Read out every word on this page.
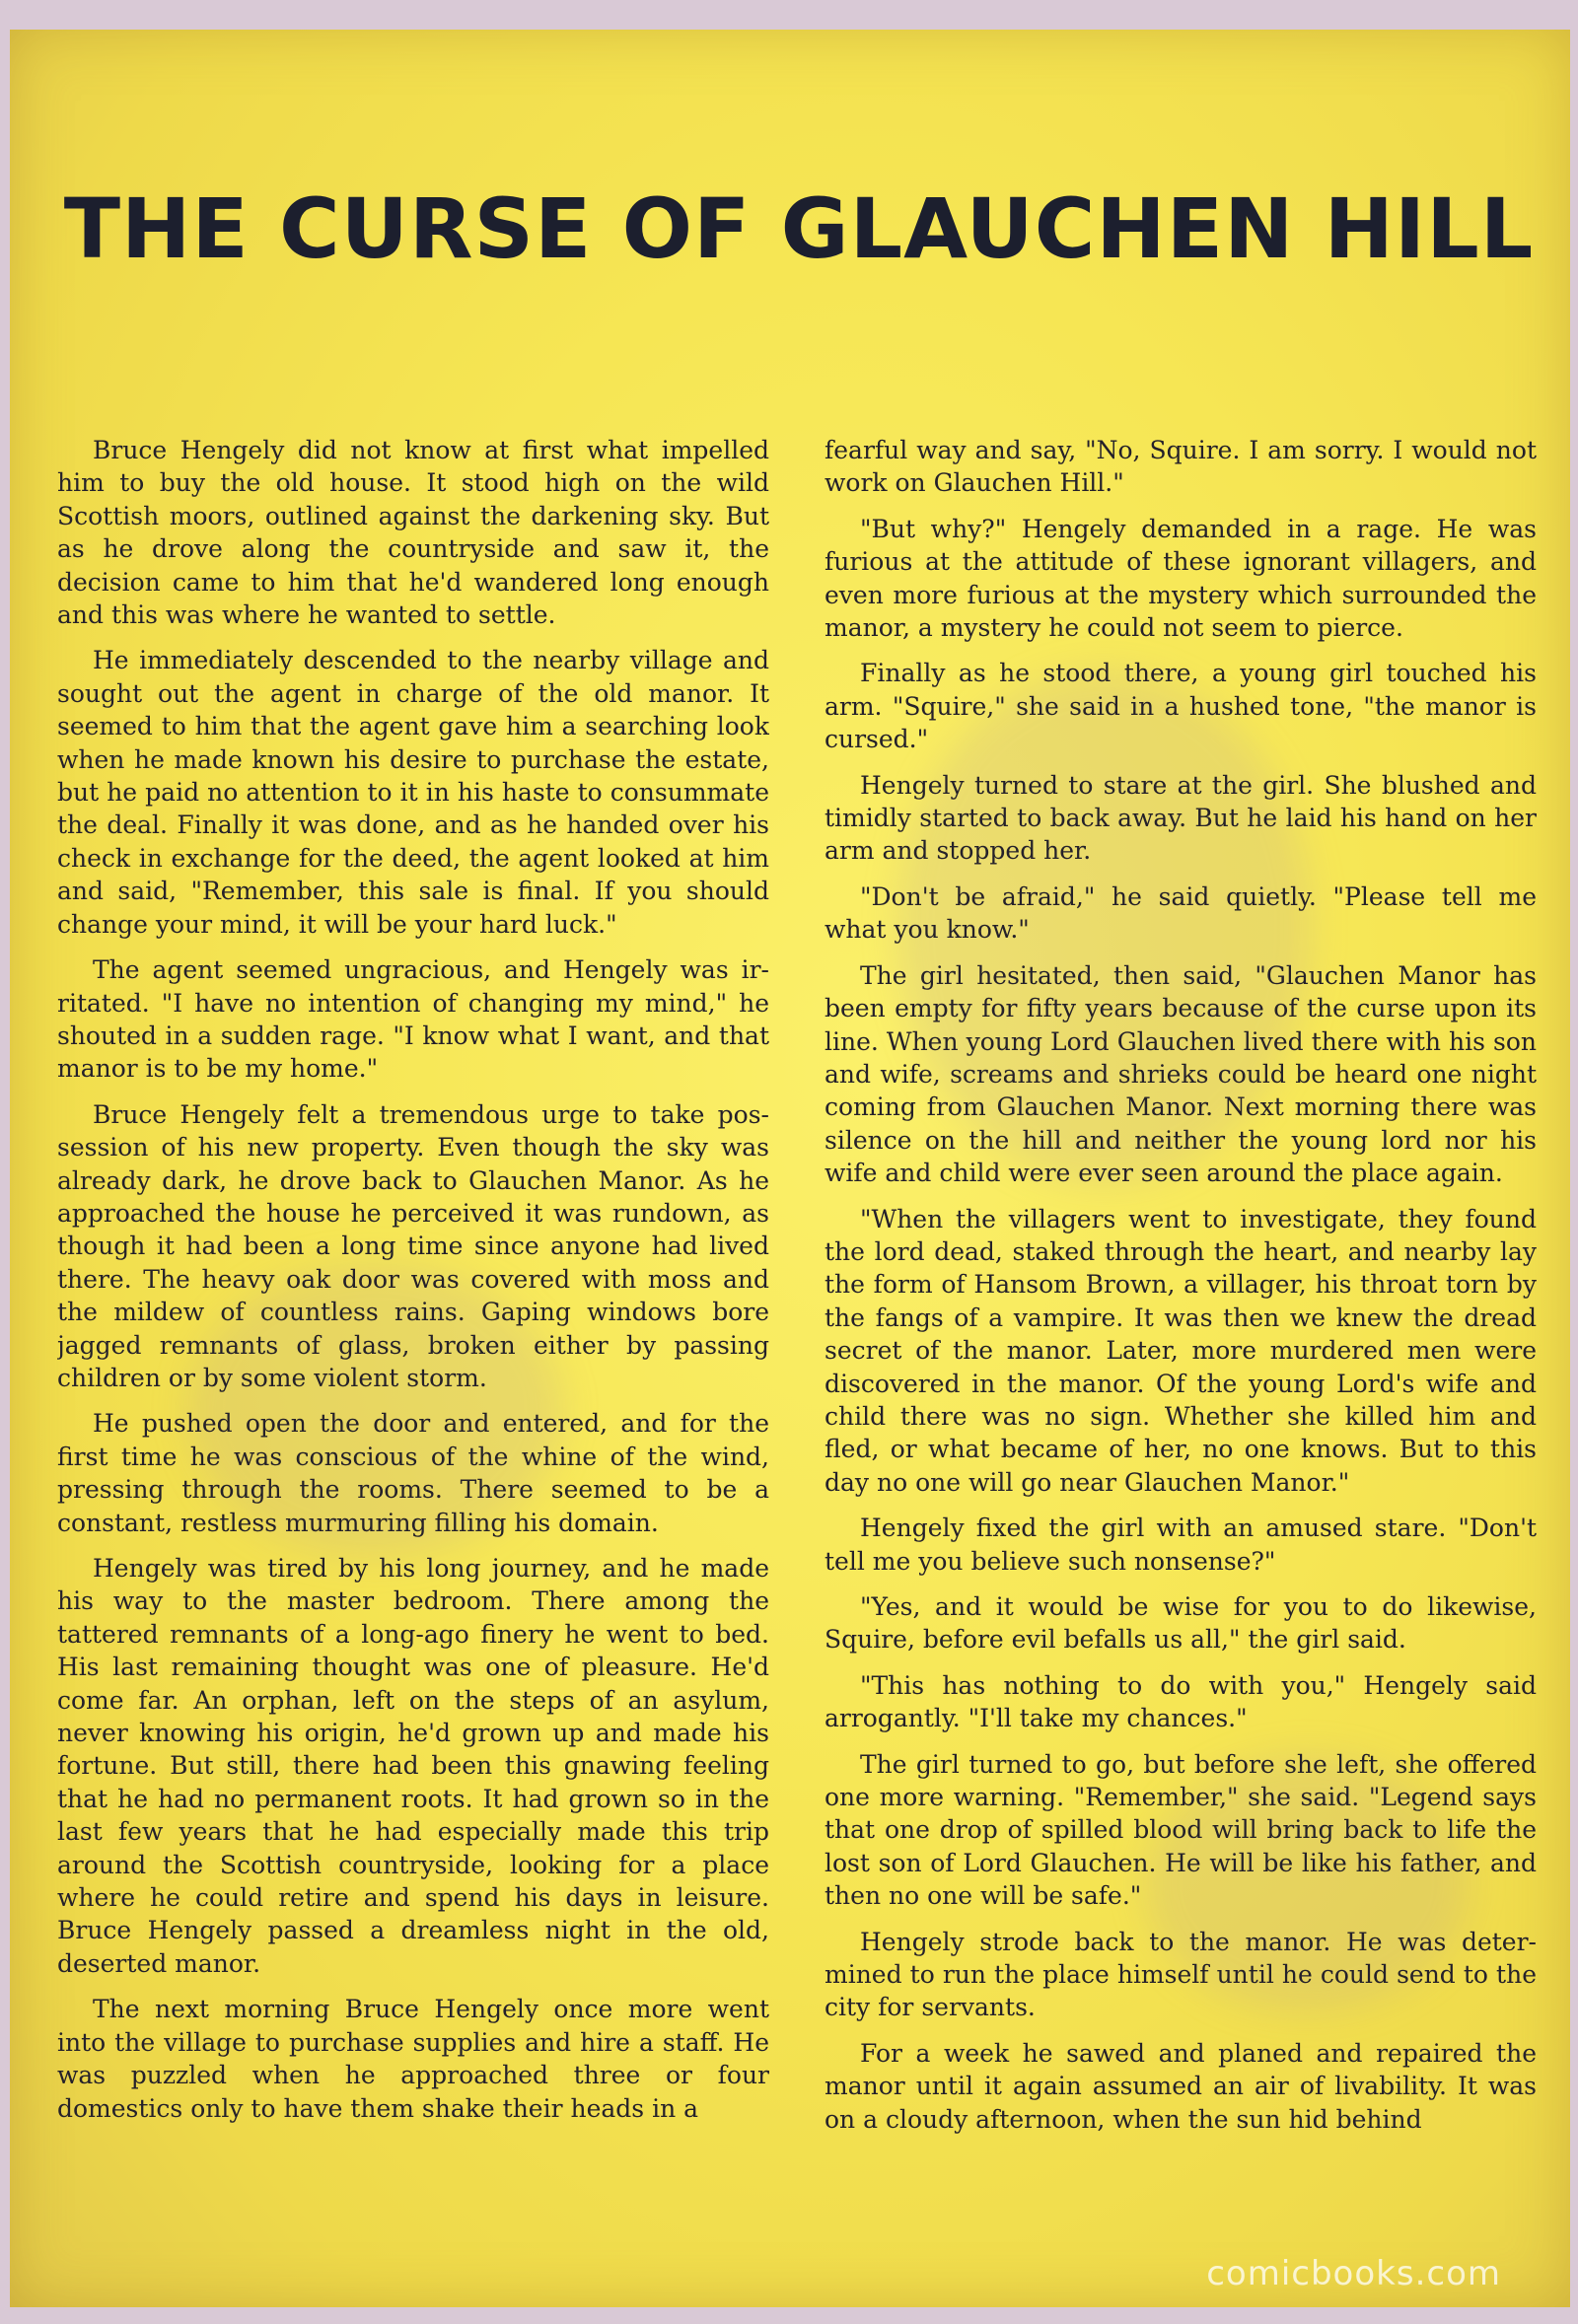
THE CURSE OF GLAUCHEN HILL

Bruce Hengely did not know at first what impelled him to buy the old house. It stood high on the wild Scottish moors, outlined against the darkening sky. But as he drove along the countryside and saw it, the decision came to him that he'd wandered long enough and this was where he wanted to settle.

He immediately descended to the nearby village and sought out the agent in charge of the old manor. It seemed to him that the agent gave him a searching look when he made known his desire to purchase the estate, but he paid no attention to it in his haste to consummate the deal. Finally it was done, and as he handed over his check in exchange for the deed, the agent looked at him and said, "Remember, this sale is final. If you should change your mind, it will be your hard luck."

The agent seemed ungracious, and Hengely was irritated. "I have no intention of changing my mind," he shouted in a sudden rage. "I know what I want, and that manor is to be my home."

Bruce Hengely felt a tremendous urge to take possession of his new property. Even though the sky was already dark, he drove back to Glauchen Manor. As he approached the house he perceived it was rundown, as though it had been a long time since anyone had lived there. The heavy oak door was covered with moss and the mildew of countless rains. Gaping windows bore jagged remnants of glass, broken either by passing children or by some violent storm.

He pushed open the door and entered, and for the first time he was conscious of the whine of the wind, pressing through the rooms. There seemed to be a constant, restless murmuring filling his domain.

Hengely was tired by his long journey, and he made his way to the master bedroom. There among the tattered remnants of a long-ago finery he went to bed. His last remaining thought was one of pleasure. He'd come far. An orphan, left on the steps of an asylum, never knowing his origin, he'd grown up and made his fortune. But still, there had been this gnawing feeling that he had no permanent roots. It had grown so in the last few years that he had especially made this trip around the Scottish countryside, looking for a place where he could retire and spend his days in leisure. Bruce Hengely passed a dreamless night in the old, deserted manor.

The next morning Bruce Hengely once more went into the village to purchase supplies and hire a staff. He was puzzled when he approached three or four domestics only to have them shake their heads in a

fearful way and say, "No, Squire. I am sorry. I would not work on Glauchen Hill."

"But why?" Hengely demanded in a rage. He was furious at the attitude of these ignorant villagers, and even more furious at the mystery which surrounded the manor, a mystery he could not seem to pierce.

Finally as he stood there, a young girl touched his arm. "Squire," she said in a hushed tone, "the manor is cursed."

Hengely turned to stare at the girl. She blushed and timidly started to back away. But he laid his hand on her arm and stopped her.

"Don't be afraid," he said quietly. "Please tell me what you know."

The girl hesitated, then said, "Glauchen Manor has been empty for fifty years because of the curse upon its line. When young Lord Glauchen lived there with his son and wife, screams and shrieks could be heard one night coming from Glauchen Manor. Next morning there was silence on the hill and neither the young lord nor his wife and child were ever seen around the place again.

"When the villagers went to investigate, they found the lord dead, staked through the heart, and nearby lay the form of Hansom Brown, a villager, his throat torn by the fangs of a vampire. It was then we knew the dread secret of the manor. Later, more murdered men were discovered in the manor. Of the young Lord's wife and child there was no sign. Whether she killed him and fled, or what became of her, no one knows. But to this day no one will go near Glauchen Manor."

Hengely fixed the girl with an amused stare. "Don't tell me you believe such nonsense?"

"Yes, and it would be wise for you to do likewise, Squire, before evil befalls us all," the girl said.

"This has nothing to do with you," Hengely said arrogantly. "I'll take my chances."

The girl turned to go, but before she left, she offered one more warning. "Remember," she said. "Legend says that one drop of spilled blood will bring back to life the lost son of Lord Glauchen. He will be like his father, and then no one will be safe."

Hengely strode back to the manor. He was determined to run the place himself until he could send to the city for servants.

For a week he sawed and planed and repaired the manor until it again assumed an air of livability. It was on a cloudy afternoon, when the sun hid behind

comicbooks.com
